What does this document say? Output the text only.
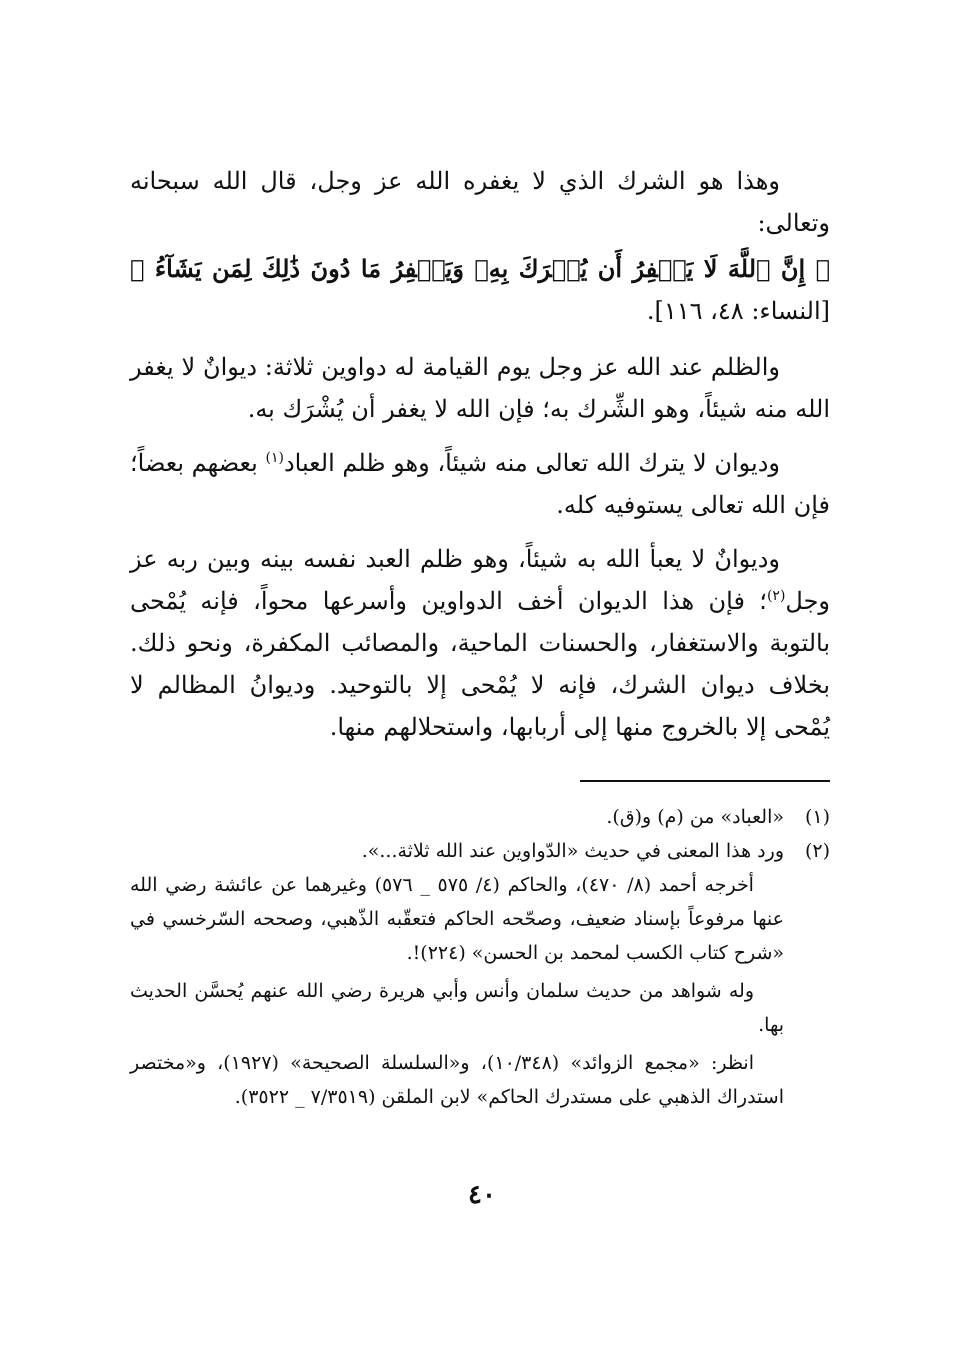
وهذا هو الشرك الذي لا يغفره الله عز وجل، قال الله سبحانه وتعالى:

﴿ إِنَّ ٱللَّهَ لَا يَغۡفِرُ أَن يُشۡرَكَ بِهِۦ وَيَغۡفِرُ مَا دُونَ ذَٰلِكَ لِمَن يَشَآءُ ﴾ [النساء: ٤٨، ١١٦].

والظلم عند الله عز وجل يوم القيامة له دواوين ثلاثة: ديوانٌ لا يغفر الله منه شيئاً، وهو الشِّرك به؛ فإن الله لا يغفر أن يُشْرَك به.

وديوان لا يترك الله تعالى منه شيئاً، وهو ظلم العباد$^{(١)}$ بعضهم بعضاً؛ فإن الله تعالى يستوفيه كله.

وديوانٌ لا يعبأ الله به شيئاً، وهو ظلم العبد نفسه بينه وبين ربه عز وجل$^{(٢)}$؛ فإن هذا الديوان أخف الدواوين وأسرعها محواً، فإنه يُمْحى بالتوبة والاستغفار، والحسنات الماحية، والمصائب المكفرة، ونحو ذلك. بخلاف ديوان الشرك، فإنه لا يُمْحى إلا بالتوحيد. وديوانُ المظالم لا يُمْحى إلا بالخروج منها إلى أربابها، واستحلالهم منها.

(١)
«العباد» من (م) و(ق).
(٢)
ورد هذا المعنى في حديث «الدّواوين عند الله ثلاثة...».

أخرجه أحمد (٨/ ٤٧٠)، والحاكم (٤/ ٥٧٥ _ ٥٧٦) وغيرهما عن عائشة رضي الله عنها مرفوعاً بإسناد ضعيف، وصحّحه الحاكم فتعقّبه الذّهبي، وصححه السّرخسي في «شرح كتاب الكسب لمحمد بن الحسن» (٢٢٤)!.

وله شواهد من حديث سلمان وأنس وأبي هريرة رضي الله عنهم يُحسَّن الحديث بها.

انظر: «مجمع الزوائد» (١٠/٣٤٨)، و«السلسلة الصحيحة» (١٩٢٧)، و«مختصر استدراك الذهبي على مستدرك الحاكم» لابن الملقن (٧/٣٥١٩ _ ٣٥٢٢).

٤٠
